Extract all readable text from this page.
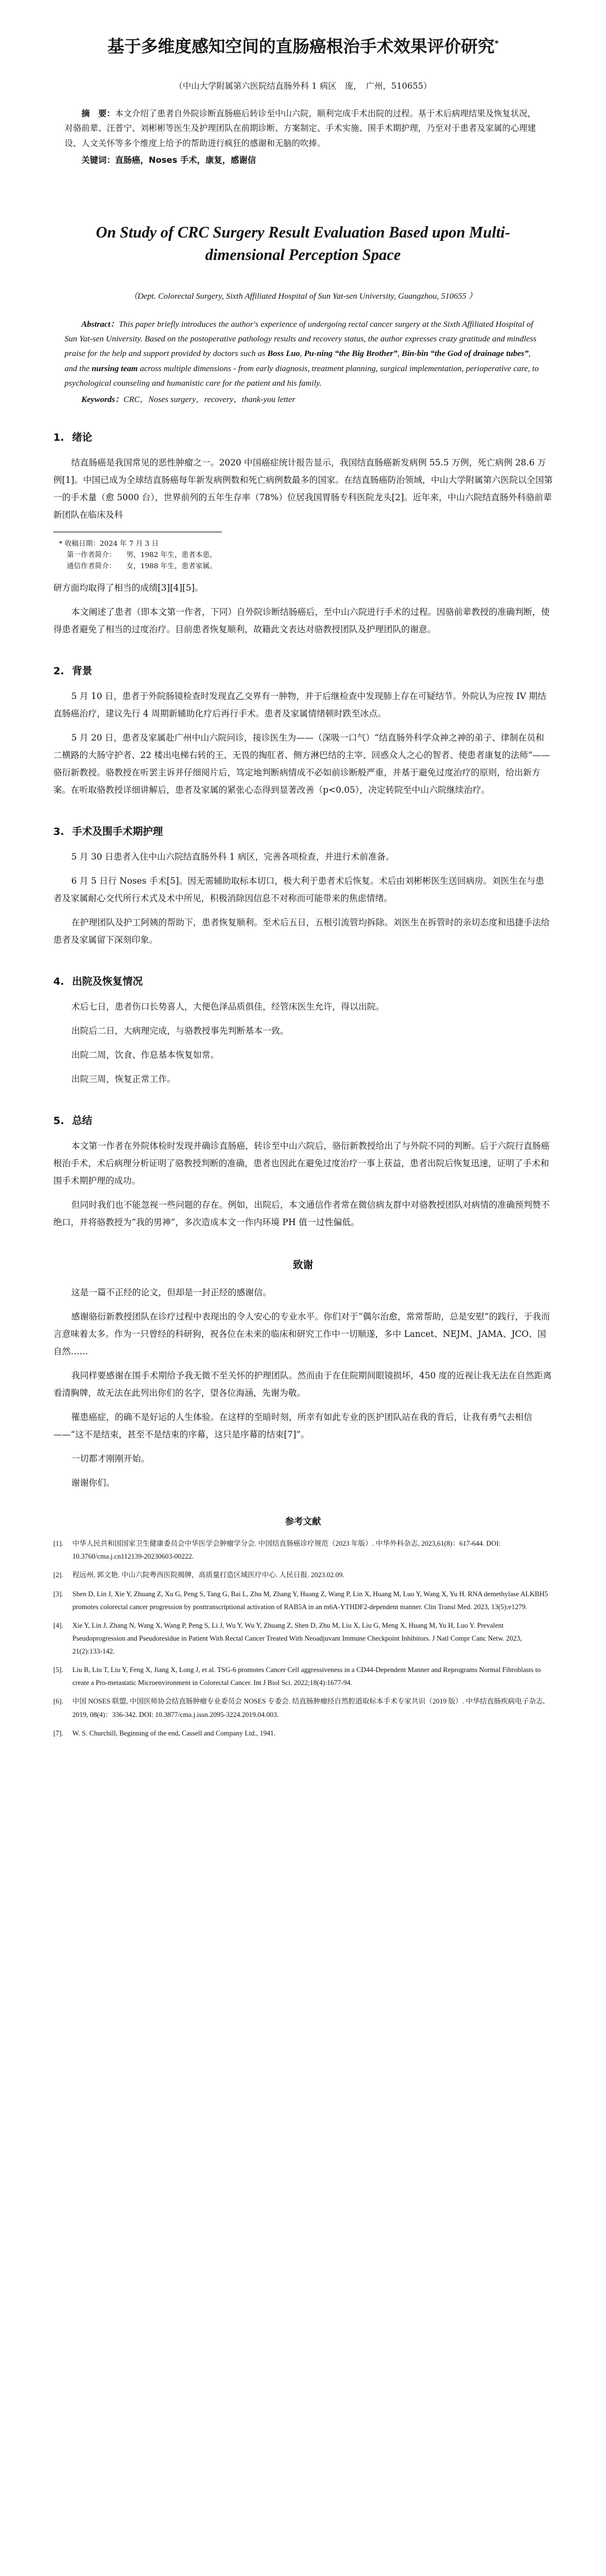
基于多维度感知空间的直肠癌根治手术效果评价研究*
（中山大学附属第六医院结直肠外科 1 病区　庞，　广州，510655）
摘　要：本文介绍了患者自外院诊断直肠癌后转诊至中山六院，顺利完成手术出院的过程。基于术后病理结果及恢复状况，对骆前辈、汪普宁、刘彬彬等医生及护理团队在前期诊断、方案制定、手术实施、围手术期护理，乃至对于患者及家属的心理建设、人文关怀等多个维度上给予的帮助进行疯狂的感谢和无脑的吹捧。
关键词：直肠癌，Noses 手术，康复，感谢信
On Study of CRC Surgery Result Evaluation Based upon Multi-dimensional Perception Space
（Dept. Colorectal Surgery, Sixth Affiliated Hospital of Sun Yat-sen University, Guangzhou, 510655 ）
Abstract：This paper briefly introduces the author's experience of undergoing rectal cancer surgery at the Sixth Affiliated Hospital of Sun Yat-sen University. Based on the postoperative pathology results and recovery status, the author expresses crazy gratitude and mindless praise for the help and support provided by doctors such as Boss Luo, Pu-ning “the Big Brother”, Bin-bin “the God of drainage tubes”, and the nursing team across multiple dimensions - from early diagnosis, treatment planning, surgical implementation, perioperative care, to psychological counseling and humanistic care for the patient and his family.
Keywords：CRC，Noses surgery，recovery，thank-you letter
1. 绪论

结直肠癌是我国常见的恶性肿瘤之一。2020 中国癌症统计报告显示，我国结直肠癌新发病例 55.5 万例，死亡病例 28.6 万例[1]。中国已成为全球结直肠癌每年新发病例数和死亡病例数最多的国家。在结直肠癌防治领域，中山大学附属第六医院以全国第一的手术量（愈 5000 台），世界前列的五年生存率（78%）位居我国胃肠专科医院龙头[2]。近年来，中山六院结直肠外科骆前辈新团队在临床及科

* 收稿日期：2024 年 7 月 3 日
第一作者简介：　　男，1982 年生，患者本患。
通信作者简介：　　女，1988 年生，患者家属。

研方面均取得了相当的成绩[3][4][5]。

本文阐述了患者（即本文第一作者，下同）自外院诊断结肠癌后，至中山六院进行手术的过程。因骆前辈教授的准确判断，使得患者避免了相当的过度治疗。目前患者恢复顺利，故籍此文表达对骆教授团队及护理团队的谢意。

2. 背景

5 月 10 日，患者于外院肠镜检查时发现直乙交界有一肿物，并于后继检查中发现肺上存在可疑结节。外院认为应按 IV 期结直肠癌治疗，建议先行 4 周期新辅助化疗后再行手术。患者及家属情绪顿时跌至冰点。

5 月 20 日，患者及家属赴广州中山六院问诊，接诊医生为——（深吸一口气）“结直肠外科学众神之神的弟子、律制在员和二横路的大肠守护者、22 楼出电梯右转的王、无畏的掏肛者、侧方淋巴结的主宰、回惑众人之心的智者、使患者康复的法师”——骆衍新教授。骆教授在听罢主诉并仔细阅片后，笃定地判断病情成不必如前诊断般严重，并基于避免过度治疗的原则，给出新方案。在听取骆教授详细讲解后，患者及家属的紧张心态得到显著改善（p<0.05），决定转院至中山六院继续治疗。

3. 手术及围手术期护理

5 月 30 日患者入住中山六院结直肠外科 1 病区，完善各项检查，并进行术前准备。

6 月 5 日行 Noses 手术[5]。因无需辅助取标本切口，极大利于患者术后恢复。术后由刘彬彬医生送回病房。刘医生在与患者及家属耐心交代所行术式及术中所见，积极消除因信息不对称而可能带来的焦虑情绪。

在护理团队及护工阿姨的帮助下，患者恢复顺利。至术后五日，五根引流管均拆除。刘医生在拆管时的亲切态度和迅捷手法给患者及家属留下深刻印象。

4. 出院及恢复情况

术后七日，患者伤口长势喜人，大便色泽品质俱佳，经管床医生允许，得以出院。

出院后二日，大病理完成，与骆教授事先判断基本一致。

出院二周，饮食、作息基本恢复如常。

出院三周，恢复正常工作。

5. 总结

本文第一作者在外院体检时发现并确诊直肠癌，转诊至中山六院后，骆衍新教授给出了与外院不同的判断。后于六院行直肠癌根治手术，术后病理分析证明了骆教授判断的准确，患者也因此在避免过度治疗一事上获益，患者出院后恢复迅速，证明了手术和围手术期护理的成功。

但同时我们也不能忽视一些问题的存在。例如，出院后，本文通信作者常在微信病友群中对骆教授团队对病情的准确预判赞不绝口，并将骆教授为“我的男神”，多次造成本文一作内环境 PH 值一过性偏低。

致谢

这是一篇不正经的论文，但却是一封正经的感谢信。

感谢骆衍新教授团队在诊疗过程中表现出的令人安心的专业水平。你们对于“偶尔治愈，常常帮助，总是安慰”的践行，于我而言意味着太多。作为一只曾经的科研狗，祝各位在未来的临床和研究工作中一切顺遂，多中 Lancet、NEJM、JAMA、JCO、国自然……

我同样要感谢在围手术期给予我无微不至关怀的护理团队。然而由于在住院期间眼镜损坏，450 度的近视让我无法在自然距离看清胸牌，故无法在此列出你们的名字，望各位海涵，先谢为敬。

罹患癌症，的确不是好运的人生体验。在这样的至暗时刻，所幸有如此专业的医护团队站在我的背后，让我有勇气去相信——“这不是结束，甚至不是结束的序幕，这只是序幕的结束[7]”。

一切都才刚刚开始。

谢谢你们。

参考文献
[1].	中华人民共和国国家卫生健康委员会中华医学会肿瘤学分会. 中国结直肠癌诊疗规范（2023 年版）. 中华外科杂志, 2023,61(8)：617-644. DOI: 10.3760/cma.j.cn112139-20230603-00222.
[2].	程远州, 郭文艳. 中山六院粤西医院揭牌，高质量打造区域医疗中心. 人民日报. 2023.02.09.
[3].	Shen D, Lin J, Xie Y, Zhuang Z, Xu G, Peng S, Tang G, Bai L, Zhu M, Zhang Y, Huang Z, Wang P, Lin X, Huang M, Luo Y, Wang X, Yu H. RNA demethylase ALKBH5 promotes colorectal cancer progression by posttranscriptional activation of RAB5A in an m6A-YTHDF2-dependent manner. Clin Transl Med. 2023, 13(5):e1279.
[4].	Xie Y, Lin J, Zhang N, Wang X, Wang P, Peng S, Li J, Wu Y, Wu Y, Zhuang Z, Shen D, Zhu M, Liu X, Liu G, Meng X, Huang M, Yu H, Luo Y. Prevalent Pseudoprogression and Pseudoresidue in Patient With Rectal Cancer Treated With Neoadjuvant Immune Checkpoint Inhibitors. J Natl Compr Canc Netw. 2023, 21(2):133-142.
[5].	Liu B, Liu T, Liu Y, Feng X, Jiang X, Long J, et al. TSG-6 promotes Cancer Cell aggressiveness in a CD44-Dependent Manner and Reprograms Normal Fibroblasts to create a Pro-metastatic Microenvironment in Colorectal Cancer. Int J Biol Sci. 2022;18(4):1677-94.
[6].	中国 NOSES 联盟, 中国医师协会结直肠肿瘤专业委员会 NOSES 专委会. 结直肠肿瘤经自然腔道取标本手术专家共识（2019 版）. 中华结直肠疾病电子杂志, 2019, 08(4)：336-342. DOI: 10.3877/cma.j.issn.2095-3224.2019.04.003.
[7].	W. S. Churchill, Beginning of the end, Cassell and Company Ltd., 1941.
